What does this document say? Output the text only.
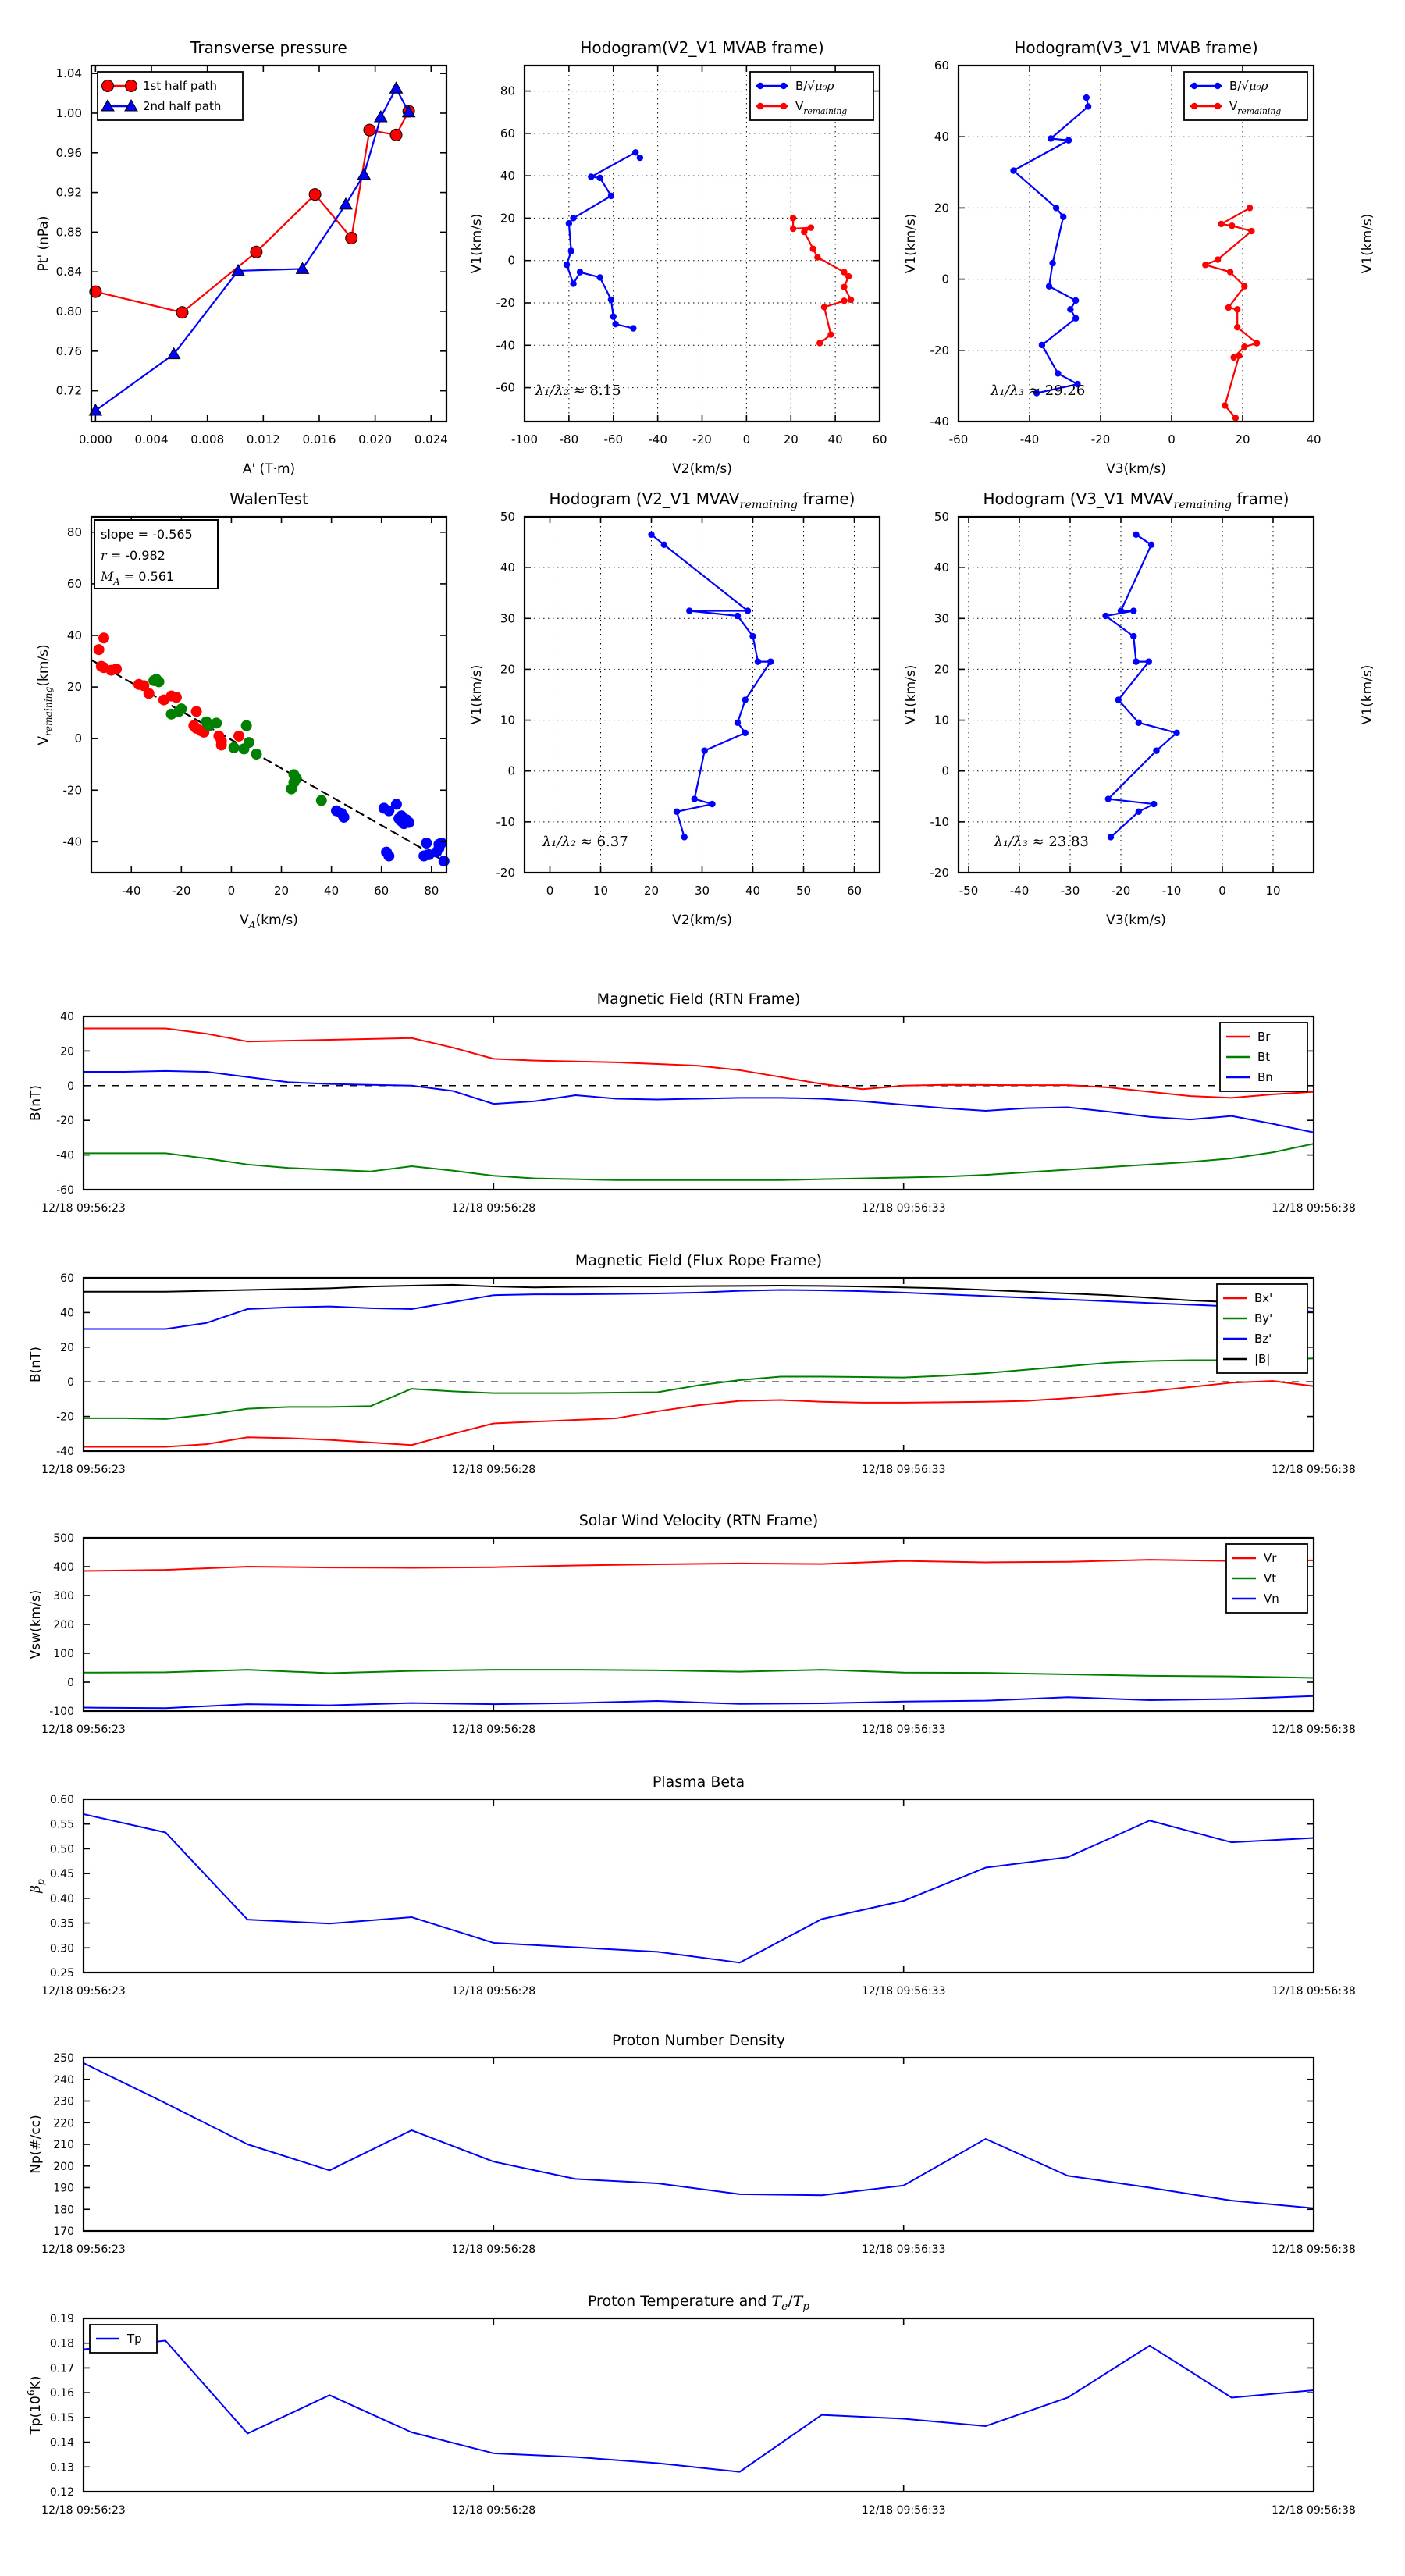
0.000 0.004 0.008 0.012 0.016 0.020 0.024
0.72
0.76
0.80
0.84
0.88
0.92
0.96
1.00
1.04
Transverse pressure
A' (T·m)
Pt' (nPa)
1st half path
2nd half path
-100 -80 -60 -40 -20	0	20	40	60
-60
-40
-20
0
20
40
60
80
Hodogram(V2_V1 MVAB frame)
V2(km/s)
V1(km/s)
λ₁/λ₂ ≈ 8.15
B/√μ₀ρ
$V_{remaining}$
-60	-40	-20	0	20	40
-40
-20
0
20
40
60
Hodogram(V3_V1 MVAB frame)
V3(km/s)
V1(km/s)	V1(km/s)
λ₁/λ₃ ≈ 29.26
B/√μ₀ρ
$V_{remaining}$
-40	-20	0	20	40	60	80
-40
-20
0
20
40
60
80
WalenTest
$V_A(km/s)$
$V_{remaining}(km/s)$
slope = -0.565
r = -0.982
$M_A = 0.561$
0	10	20	30	40	50	60
-20
-10
0
10
20
30
40
50
Hodogram (V2_V1 $MVAV_{remaining}$ frame)
V2(km/s)
V1(km/s)
λ₁/λ₂ ≈ 6.37
-50	-40	-30	-20	-10	0	10
-20
-10
0
10
20
30
40
50
Hodogram (V3_V1 $MVAV_{remaining}$ frame)
V3(km/s)
V1(km/s)	V1(km/s)
λ₁/λ₃ ≈ 23.83
12/18 09:56:23	12/18 09:56:28	12/18 09:56:33	12/18 09:56:38
-60
-40
-20
0
20
40
Magnetic Field (RTN Frame)
B(nT)
Br
Bt
Bn
12/18 09:56:23	12/18 09:56:28	12/18 09:56:33	12/18 09:56:38
-40
-20
0
20
40
60
Magnetic Field (Flux Rope Frame)
B(nT)
Bx'
By'
Bz'
|B|
12/18 09:56:23	12/18 09:56:28	12/18 09:56:33	12/18 09:56:38
-100
0
100
200
300
400
500
Solar Wind Velocity (RTN Frame)
Vsw(km/s)
Vr
Vt
Vn
12/18 09:56:23	12/18 09:56:28	12/18 09:56:33	12/18 09:56:38
0.25
0.30
0.35
0.40
0.45
0.50
0.55
0.60
Plasma Beta
$\beta_p$
12/18 09:56:23	12/18 09:56:28	12/18 09:56:33	12/18 09:56:38
170
180
190
200
210
220
230
240
250
Proton Number Density
Np(#/cc)
12/18 09:56:23	12/18 09:56:28	12/18 09:56:33	12/18 09:56:38
0.12
0.13
0.14
0.15
0.16
0.17
0.18
0.19
Proton Temperature and $T_e/T_p$
$Tp(10^6K)$
Tp
